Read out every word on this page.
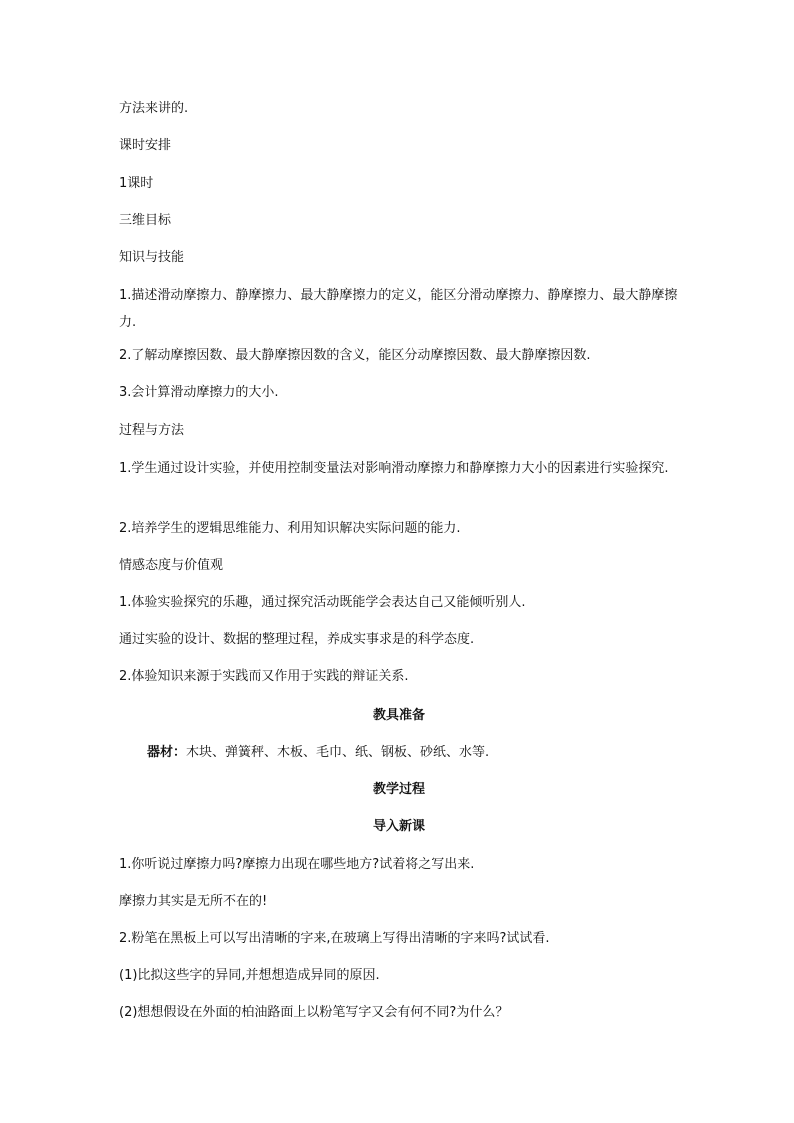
方法来讲的.
课时安排
1课时
三维目标
知识与技能
1.描述滑动摩擦力、静摩擦力、最大静摩擦力的定义，能区分滑动摩擦力、静摩擦力、最大静摩擦力.
2.了解动摩擦因数、最大静摩擦因数的含义，能区分动摩擦因数、最大静摩擦因数.
3.会计算滑动摩擦力的大小.
过程与方法
1.学生通过设计实验，并使用控制变量法对影响滑动摩擦力和静摩擦力大小的因素进行实验探究.
2.培养学生的逻辑思维能力、利用知识解决实际问题的能力.
情感态度与价值观
1.体验实验探究的乐趣，通过探究活动既能学会表达自己又能倾听别人.
通过实验的设计、数据的整理过程，养成实事求是的科学态度.
2.体验知识来源于实践而又作用于实践的辩证关系.
教具准备
器材：木块、弹簧秤、木板、毛巾、纸、钢板、砂纸、水等.
教学过程
导入新课
1.你听说过摩擦力吗?摩擦力出现在哪些地方?试着将之写出来.
摩擦力其实是无所不在的!
2.粉笔在黑板上可以写出清晰的字来,在玻璃上写得出清晰的字来吗?试试看.
(1)比拟这些字的异同,并想想造成异同的原因.
(2)想想假设在外面的柏油路面上以粉笔写字又会有何不同?为什么？
